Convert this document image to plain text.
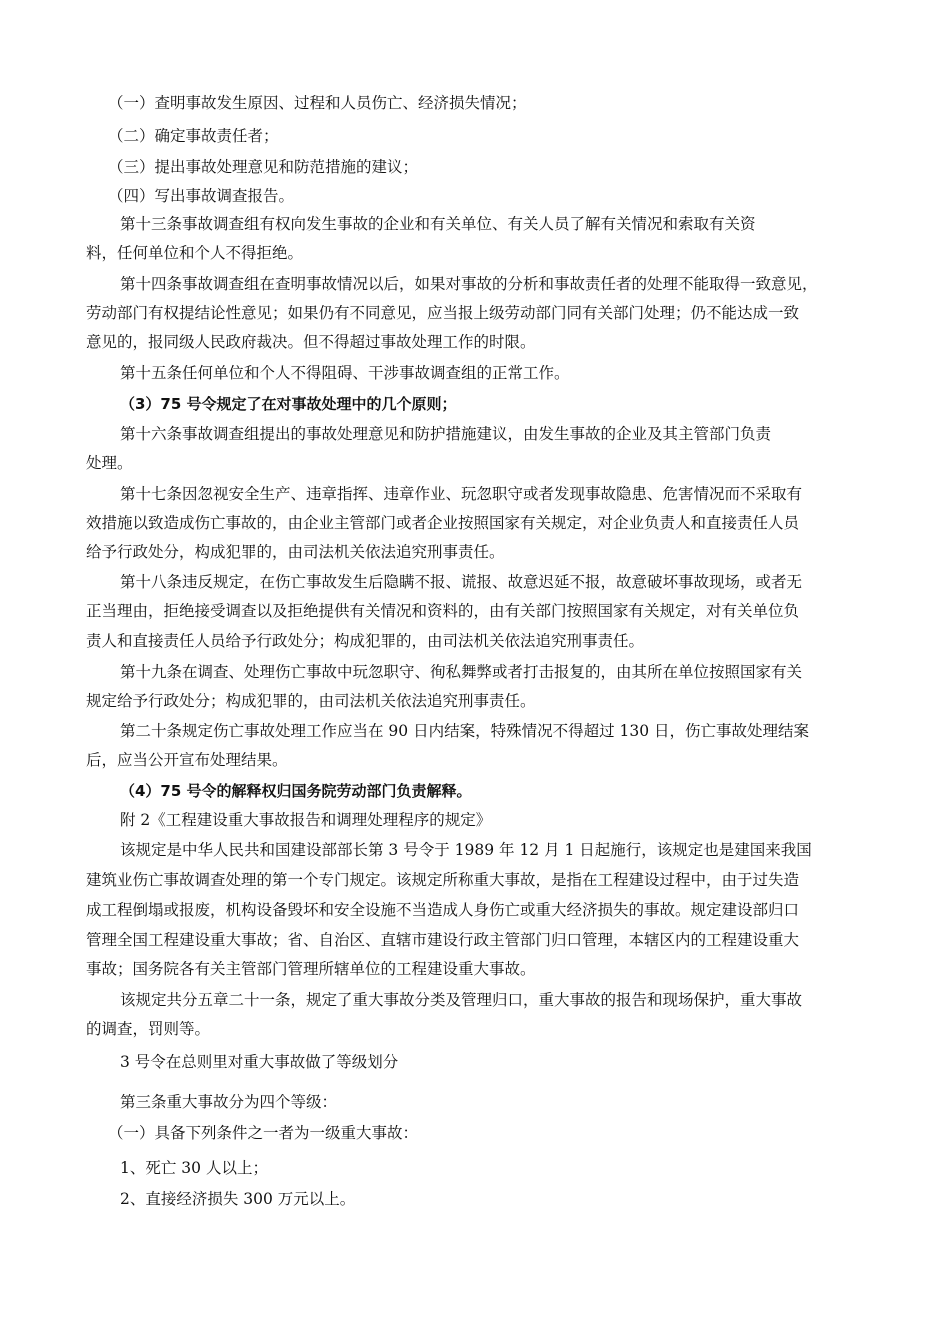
（一）查明事故发生原因、过程和人员伤亡、经济损失情况；
（二）确定事故责任者；
（三）提出事故处理意见和防范措施的建议；
（四）写出事故调查报告。
第十三条事故调查组有权向发生事故的企业和有关单位、有关人员了解有关情况和索取有关资
料，任何单位和个人不得拒绝。
第十四条事故调查组在查明事故情况以后，如果对事故的分析和事故责任者的处理不能取得一致意见，
劳动部门有权提结论性意见；如果仍有不同意见，应当报上级劳动部门同有关部门处理；仍不能达成一致
意见的，报同级人民政府裁决。但不得超过事故处理工作的时限。
第十五条任何单位和个人不得阻碍、干涉事故调查组的正常工作。
（3）75 号令规定了在对事故处理中的几个原则；
第十六条事故调查组提出的事故处理意见和防护措施建议，由发生事故的企业及其主管部门负责
处理。
第十七条因忽视安全生产、违章指挥、违章作业、玩忽职守或者发现事故隐患、危害情况而不采取有
效措施以致造成伤亡事故的，由企业主管部门或者企业按照国家有关规定，对企业负责人和直接责任人员
给予行政处分，构成犯罪的，由司法机关依法追究刑事责任。
第十八条违反规定，在伤亡事故发生后隐瞒不报、谎报、故意迟延不报，故意破坏事故现场，或者无
正当理由，拒绝接受调查以及拒绝提供有关情况和资料的，由有关部门按照国家有关规定，对有关单位负
责人和直接责任人员给予行政处分；构成犯罪的，由司法机关依法追究刑事责任。
第十九条在调查、处理伤亡事故中玩忽职守、徇私舞弊或者打击报复的，由其所在单位按照国家有关
规定给予行政处分；构成犯罪的，由司法机关依法追究刑事责任。
第二十条规定伤亡事故处理工作应当在 90 日内结案，特殊情况不得超过 130 日，伤亡事故处理结案
后，应当公开宣布处理结果。
（4）75 号令的解释权归国务院劳动部门负责解释。
附 2《工程建设重大事故报告和调理处理程序的规定》
该规定是中华人民共和国建设部部长第 3 号令于 1989 年 12 月 1 日起施行，该规定也是建国来我国
建筑业伤亡事故调查处理的第一个专门规定。该规定所称重大事故，是指在工程建设过程中，由于过失造
成工程倒塌或报废，机构设备毁坏和安全设施不当造成人身伤亡或重大经济损失的事故。规定建设部归口
管理全国工程建设重大事故；省、自治区、直辖市建设行政主管部门归口管理，本辖区内的工程建设重大
事故；国务院各有关主管部门管理所辖单位的工程建设重大事故。
该规定共分五章二十一条，规定了重大事故分类及管理归口，重大事故的报告和现场保护，重大事故
的调查，罚则等。
3 号令在总则里对重大事故做了等级划分
第三条重大事故分为四个等级：
（一）具备下列条件之一者为一级重大事故：
1、死亡 30 人以上；
2、直接经济损失 300 万元以上。
